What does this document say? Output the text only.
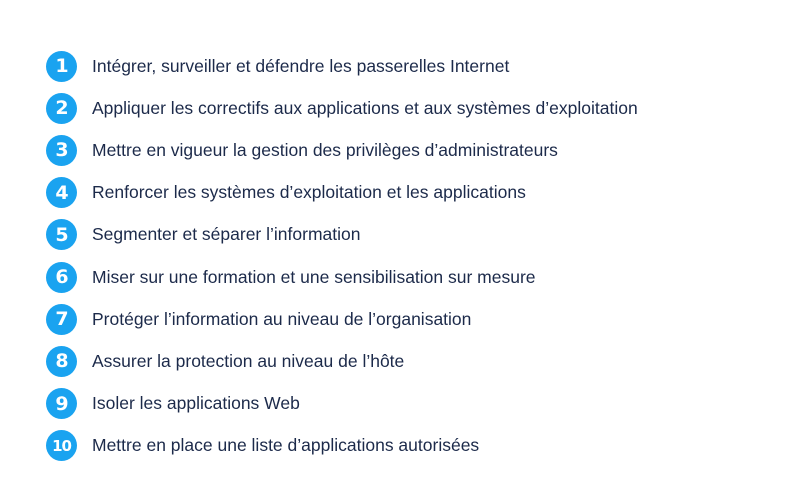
1	Intégrer, surveiller et défendre les passerelles Internet
2	Appliquer les correctifs aux applications et aux systèmes d’exploitation
3	Mettre en vigueur la gestion des privilèges d’administrateurs
4	Renforcer les systèmes d’exploitation et les applications
5	Segmenter et séparer l’information
6	Miser sur une formation et une sensibilisation sur mesure
7	Protéger l’information au niveau de l’organisation
8	Assurer la protection au niveau de l’hôte
9	Isoler les applications Web
10	Mettre en place une liste d’applications autorisées
